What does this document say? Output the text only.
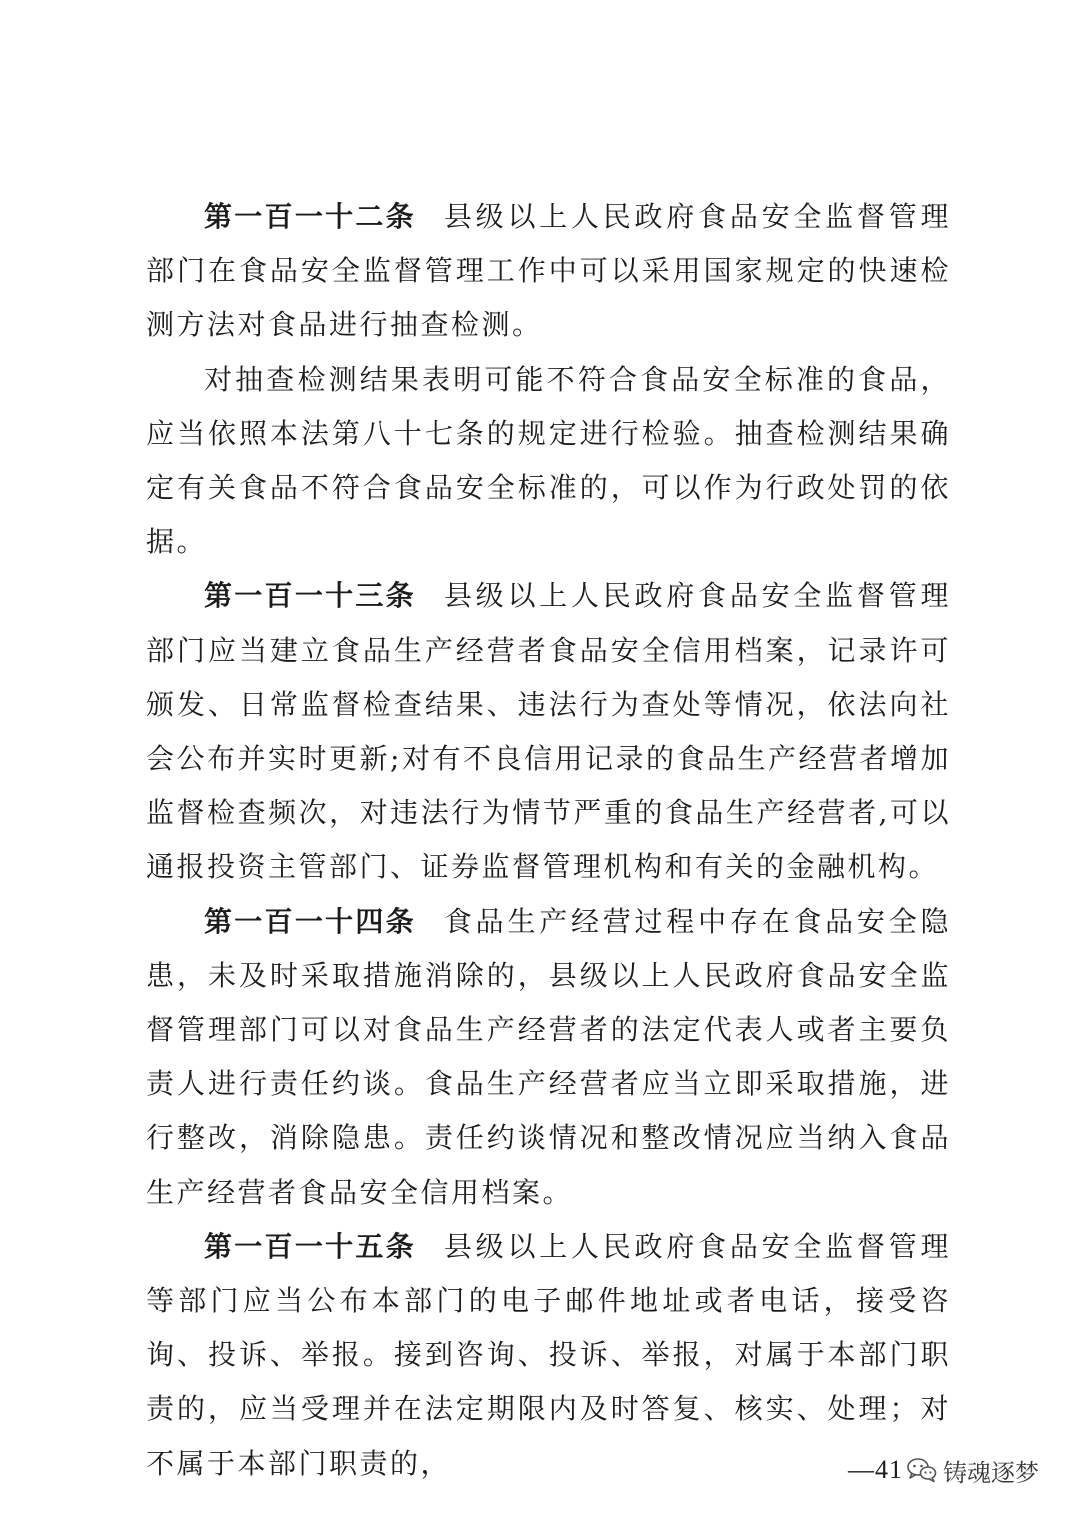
第一百一十二条 县级以上人民政府食品安全监督管理部门在食品安全监督管理工作中可以采用国家规定的快速检测方法对食品进行抽查检测。

对抽查检测结果表明可能不符合食品安全标准的食品，应当依照本法第八十七条的规定进行检验。抽查检测结果确定有关食品不符合食品安全标准的，可以作为行政处罚的依据。

第一百一十三条 县级以上人民政府食品安全监督管理部门应当建立食品生产经营者食品安全信用档案，记录许可颁发、日常监督检查结果、违法行为查处等情况，依法向社会公布并实时更新;对有不良信用记录的食品生产经营者增加监督检查频次，对违法行为情节严重的食品生产经营者,可以通报投资主管部门、证券监督管理机构和有关的金融机构。

第一百一十四条 食品生产经营过程中存在食品安全隐患，未及时采取措施消除的，县级以上人民政府食品安全监督管理部门可以对食品生产经营者的法定代表人或者主要负责人进行责任约谈。食品生产经营者应当立即采取措施，进行整改，消除隐患。责任约谈情况和整改情况应当纳入食品生产经营者食品安全信用档案。

第一百一十五条 县级以上人民政府食品安全监督管理等部门应当公布本部门的电子邮件地址或者电话，接受咨询、投诉、举报。接到咨询、投诉、举报，对属于本部门职责的，应当受理并在法定期限内及时答复、核实、处理；对不属于本部门职责的，	—41 铸魂逐梦
